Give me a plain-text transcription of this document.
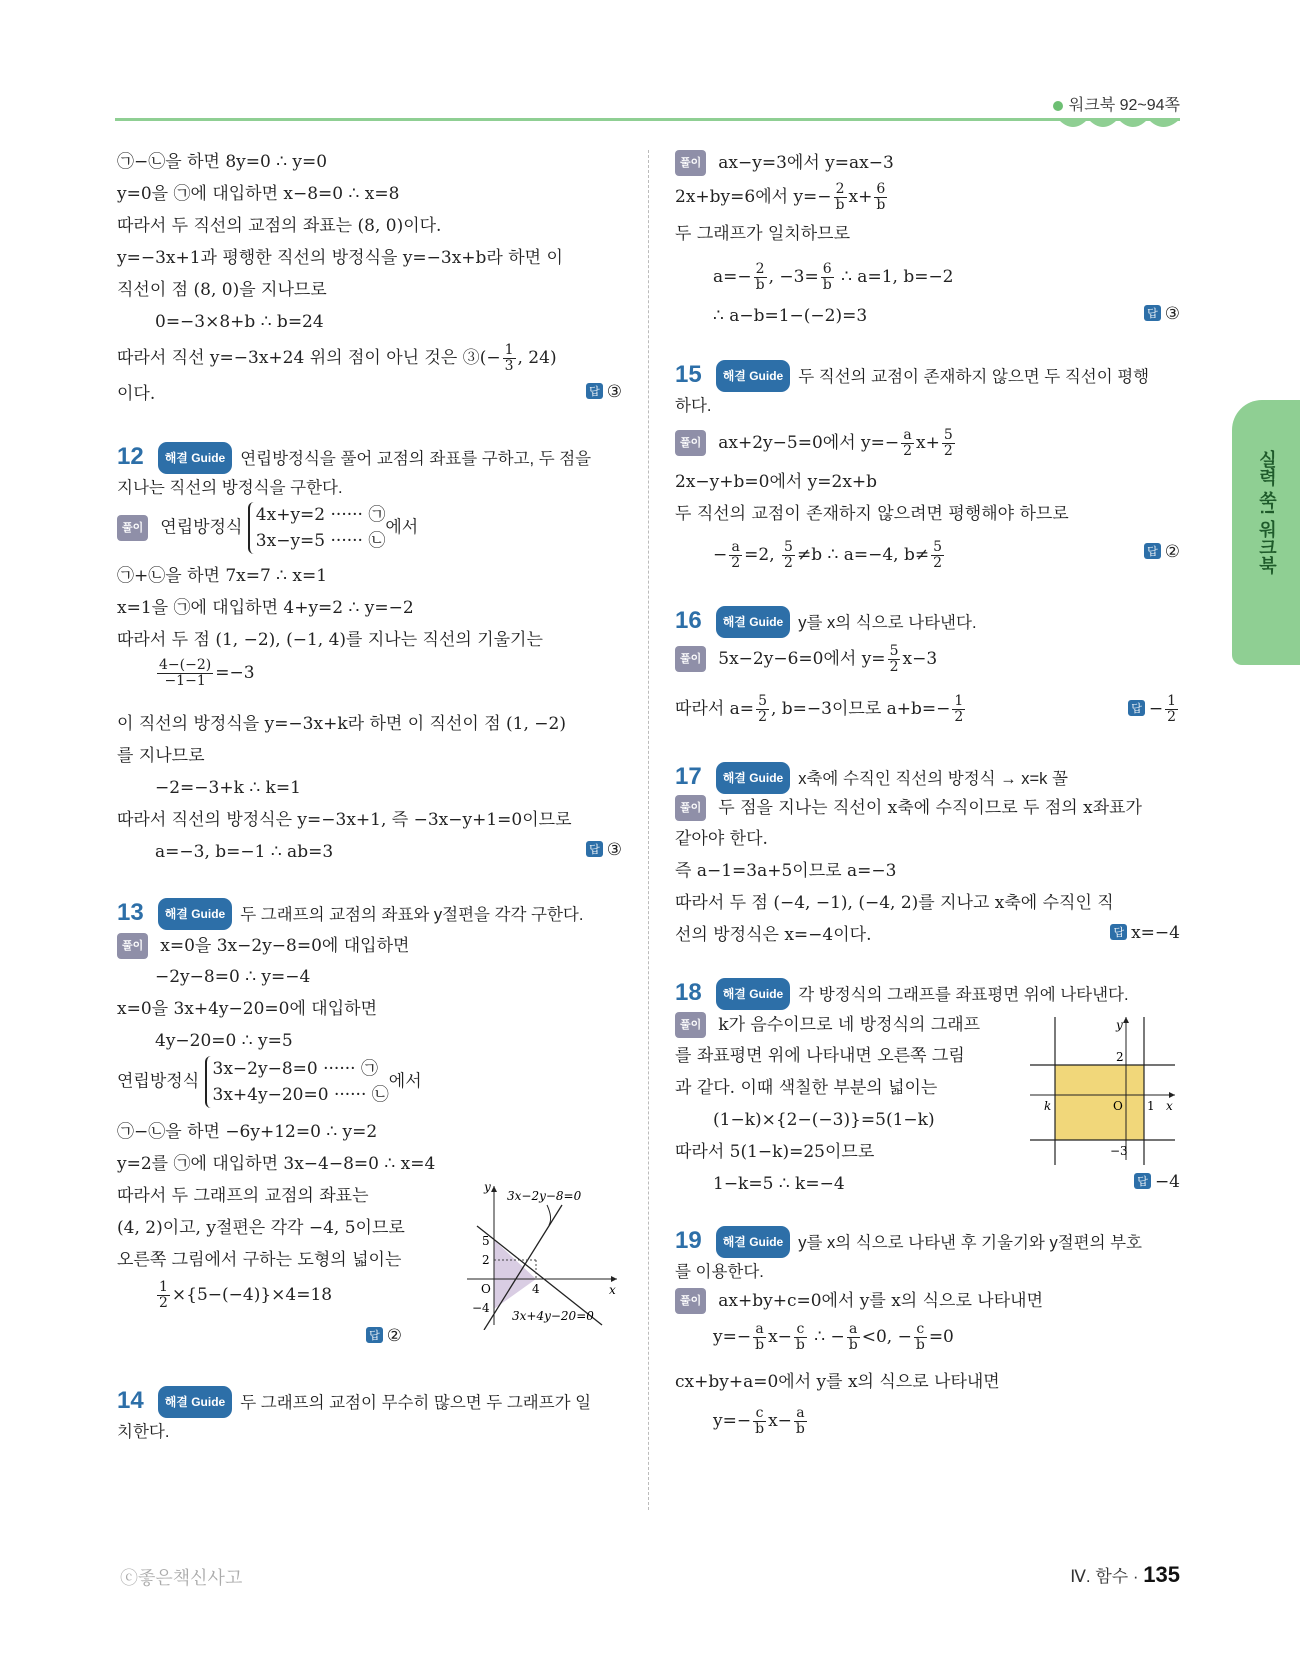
워크북 92~94쪽
실력 쑥! 워크북
㉠−㉡을 하면 8y=0 ∴ y=0
y=0을 ㉠에 대입하면 x−8=0 ∴ x=8
따라서 두 직선의 교점의 좌표는 (8, 0)이다.
y=−3x+1과 평행한 직선의 방정식을 y=−3x+b라 하면 이
직선이 점 (8, 0)을 지나므로
0=−3×8+b ∴ b=24
따라서 직선 y=−3x+24 위의 점이 아닌 것은 ③(− $\frac{1}{3}$ , 24)
이다.	답 ③
12 해결 Guide 연립방정식을 풀어 교점의 좌표를 구하고, 두 점을
지나는 직선의 방정식을 구한다.
풀이 연립방정식 4x+y=2 ······ ㉠
3x−y=5 ······ ㉡에서
㉠+㉡을 하면 7x=7 ∴ x=1
x=1을 ㉠에 대입하면 4+y=2 ∴ y=−2
따라서 두 점 (1, −2), (−1, 4)를 지나는 직선의 기울기는
$\frac{4-(-2)}{-1-1} =-3$
이 직선의 방정식을 y=−3x+k라 하면 이 직선이 점 (1, −2)
를 지나므로
−2=−3+k ∴ k=1
따라서 직선의 방정식은 y=−3x+1, 즉 −3x−y+1=0이므로
a=−3, b=−1 ∴ ab=3	답 ③
13 해결 Guide 두 그래프의 교점의 좌표와 y절편을 각각 구한다.
풀이 x=0을 3x−2y−8=0에 대입하면
−2y−8=0 ∴ y=−4
x=0을 3x+4y−20=0에 대입하면
4y−20=0 ∴ y=5
연립방정식 3x−2y−8=0 ······ ㉠
3x+4y−20=0 ······ ㉡에서
㉠−㉡을 하면 −6y+12=0 ∴ y=2
y=2를 ㉠에 대입하면 3x−4−8=0 ∴ x=4
따라서 두 그래프의 교점의 좌표는
(4, 2)이고, y절편은 각각 −4, 5이므로
오른쪽 그림에서 구하는 도형의 넓이는
$\frac{1}{2} \times\{5-(-4)\}\times 4=18$
답 ②
3x−2y−8=0
3x+4y−20=0
y
x
O
5
2
4
−4
14 해결 Guide 두 그래프의 교점이 무수히 많으면 두 그래프가 일
치한다.
풀이 ax−y=3에서 y=ax−3
2x+by=6에서 $y=- \frac{2}{b} x+ \frac{6}{b}$
두 그래프가 일치하므로
$a=- \frac{2}{b}$ , $-3= \frac{6}{b}$ ∴ a=1, b=−2
∴ a−b=1−(−2)=3	답 ③
15 해결 Guide 두 직선의 교점이 존재하지 않으면 두 직선이 평행
하다.
풀이 ax+2y−5=0에서 $y=- \frac{a}{2} x+ \frac{5}{2}$
2x−y+b=0에서 y=2x+b
두 직선의 교점이 존재하지 않으려면 평행해야 하므로
− $\frac{a}{2} =2$, $\frac{5}{2} \ne b$ ∴ a=−4, $b\ne \frac{5}{2}$	답 ②
16 해결 Guide y를 x의 식으로 나타낸다.
풀이 5x−2y−6=0에서 $y= \frac{5}{2} x-3$
따라서 $a= \frac{5}{2}$ , b=−3이므로 $a+b=- \frac{1}{2}$	답 − $\frac{1}{2}$
17 해결 Guide x축에 수직인 직선의 방정식 → x=k 꼴
풀이 두 점을 지나는 직선이 x축에 수직이므로 두 점의 x좌표가
같아야 한다.
즉 a−1=3a+5이므로 a=−3
따라서 두 점 (−4, −1), (−4, 2)를 지나고 x축에 수직인 직
선의 방정식은 x=−4이다.	답 x=−4
18 해결 Guide 각 방정식의 그래프를 좌표평면 위에 나타낸다.
풀이 k가 음수이므로 네 방정식의 그래프
를 좌표평면 위에 나타내면 오른쪽 그림
과 같다. 이때 색칠한 부분의 넓이는
(1−k)×{2−(−3)}=5(1−k)
따라서 5(1−k)=25이므로
1−k=5 ∴ k=−4	답 −4
y
x
O
k	1
2
−3
19 해결 Guide y를 x의 식으로 나타낸 후 기울기와 y절편의 부호
를 이용한다.
풀이 ax+by+c=0에서 y를 x의 식으로 나타내면
$y=- \frac{a}{b} x- \frac{c}{b}$ ∴ − $\frac{a}{b} <0$, − $\frac{c}{b} =0$
cx+by+a=0에서 y를 x의 식으로 나타내면
$y=- \frac{c}{b} x- \frac{a}{b}$
ⓒ좋은책신사고	Ⅳ. 함수 · 135
